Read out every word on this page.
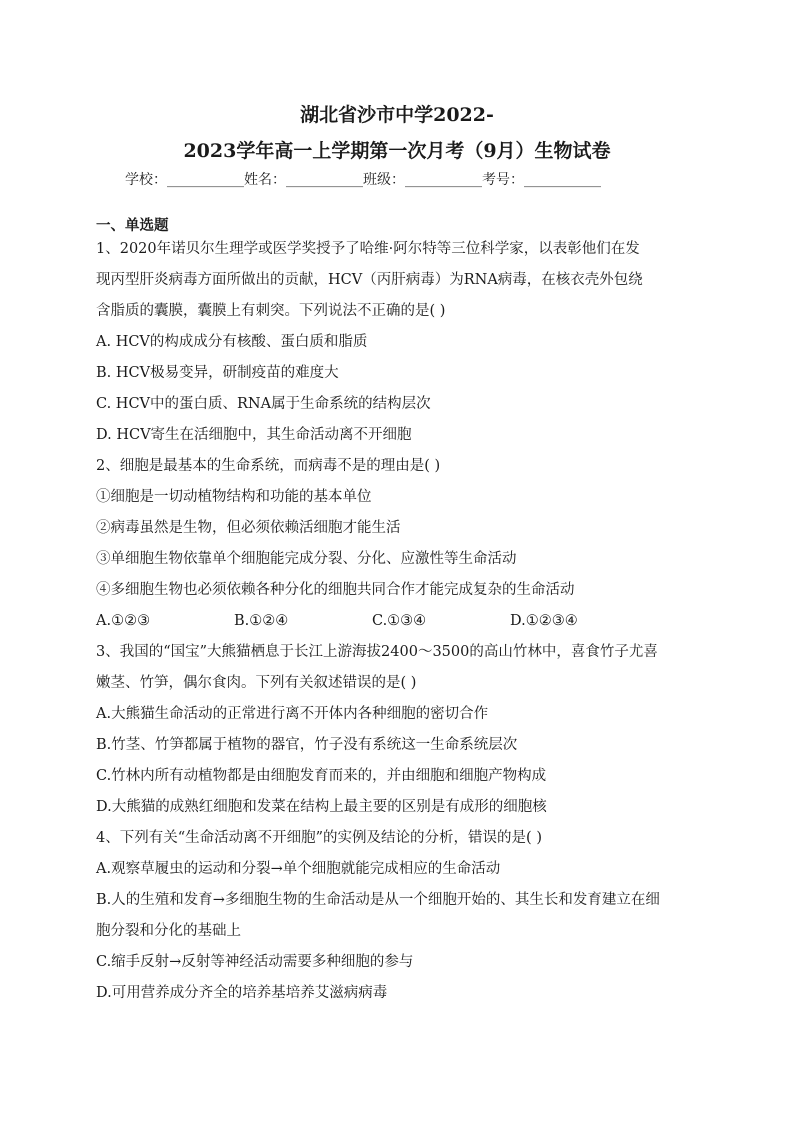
湖北省沙市中学2022-
2023学年高一上学期第一次月考（9月）生物试卷
学校：___________姓名：___________班级：___________考号：___________
一、单选题
1、2020年诺贝尔生理学或医学奖授予了哈维·阿尔特等三位科学家，以表彰他们在发
现丙型肝炎病毒方面所做出的贡献，HCV（丙肝病毒）为RNA病毒，在核衣壳外包绕
含脂质的囊膜，囊膜上有刺突。下列说法不正确的是( )
A. HCV的构成成分有核酸、蛋白质和脂质
B. HCV极易变异，研制疫苗的难度大
C. HCV中的蛋白质、RNA属于生命系统的结构层次
D. HCV寄生在活细胞中，其生命活动离不开细胞
2、细胞是最基本的生命系统，而病毒不是的理由是( )
①细胞是一切动植物结构和功能的基本单位
②病毒虽然是生物，但必须依赖活细胞才能生活
③单细胞生物依靠单个细胞能完成分裂、分化、应激性等生命活动
④多细胞生物也必须依赖各种分化的细胞共同合作才能完成复杂的生命活动
A.①②③	B.①②④	C.①③④	D.①②③④
3、我国的“国宝”大熊猫栖息于长江上游海拔2400～3500的高山竹林中，喜食竹子尤喜
嫩茎、竹笋，偶尔食肉。下列有关叙述错误的是( )
A.大熊猫生命活动的正常进行离不开体内各种细胞的密切合作
B.竹茎、竹笋都属于植物的器官，竹子没有系统这一生命系统层次
C.竹林内所有动植物都是由细胞发育而来的，并由细胞和细胞产物构成
D.大熊猫的成熟红细胞和发菜在结构上最主要的区别是有成形的细胞核
4、下列有关“生命活动离不开细胞”的实例及结论的分析，错误的是( )
A.观察草履虫的运动和分裂→单个细胞就能完成相应的生命活动
B.人的生殖和发育→多细胞生物的生命活动是从一个细胞开始的、其生长和发育建立在细
胞分裂和分化的基础上
C.缩手反射→反射等神经活动需要多种细胞的参与
D.可用营养成分齐全的培养基培养艾滋病病毒
